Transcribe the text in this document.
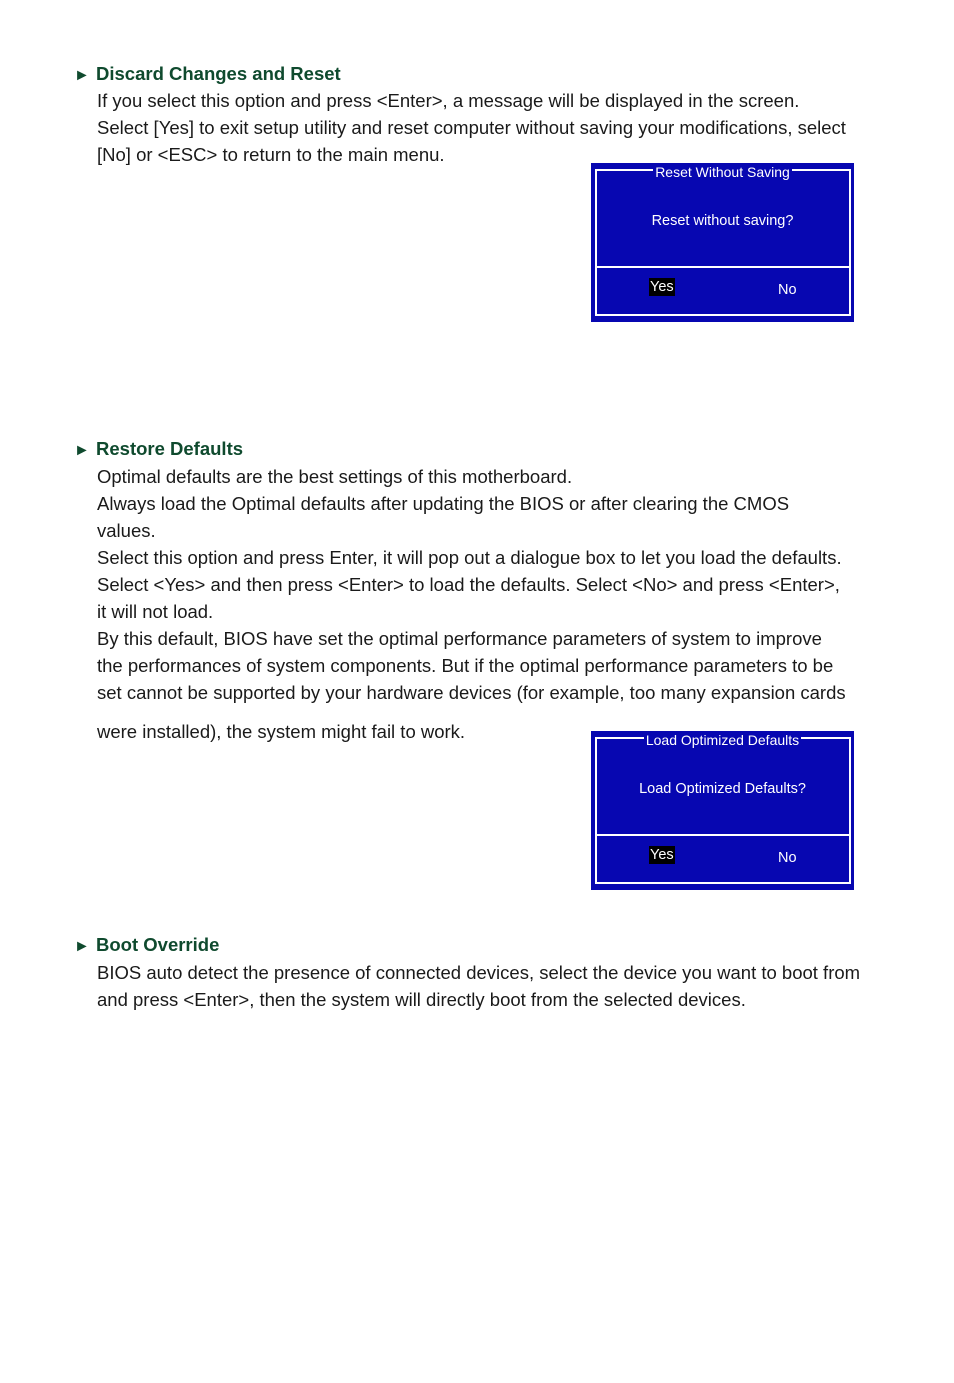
► Discard Changes and Reset

If you select this option and press <Enter>, a message will be displayed in the screen.
Select [Yes] to exit setup utility and reset computer without saving your modifications, select
[No] or <ESC> to return to the main menu.

Reset Without Saving
Reset without saving?
Yes	No
► Restore Defaults

Optimal defaults are the best settings of this motherboard.
Always load the Optimal defaults after updating the BIOS or after clearing the CMOS
values.
Select this option and press Enter, it will pop out a dialogue box to let you load the defaults.
Select <Yes> and then press <Enter> to load the defaults. Select <No> and press <Enter>,
it will not load.
By this default, BIOS have set the optimal performance parameters of system to improve
the performances of system components. But if the optimal performance parameters to be
set cannot be supported by your hardware devices (for example, too many expansion cards

were installed), the system might fail to work.	Load Optimized Defaults
Load Optimized Defaults?
Yes	No
► Boot Override

BIOS auto detect the presence of connected devices, select the device you want to boot from
and press <Enter>, then the system will directly boot from the selected devices.
